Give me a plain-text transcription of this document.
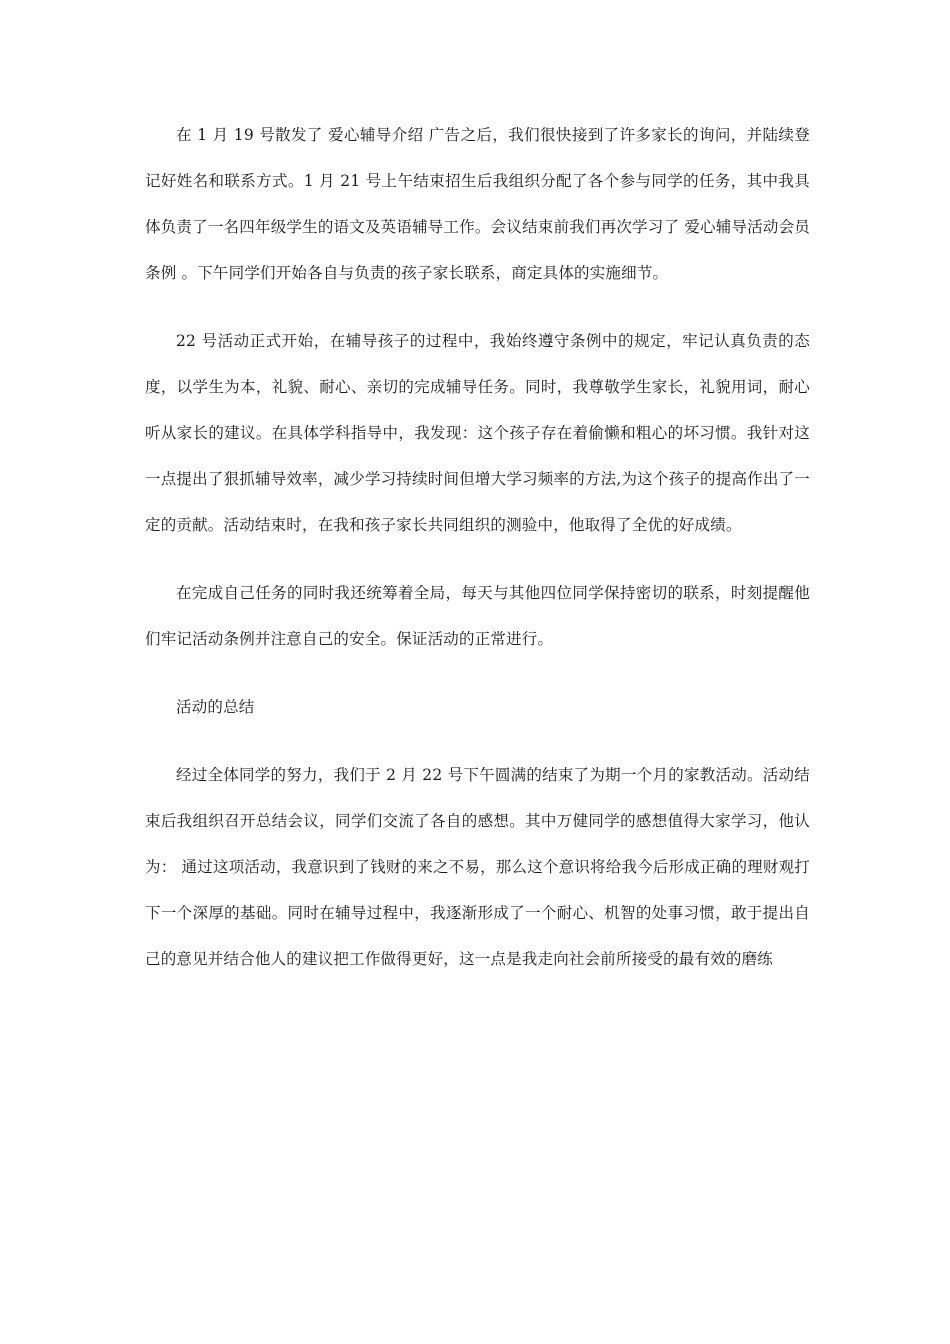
在 1 月 19 号散发了 爱心辅导介绍 广告之后，我们很快接到了许多家长的询问，并陆续登记好姓名和联系方式。1 月 21 号上午结束招生后我组织分配了各个参与同学的任务，其中我具体负责了一名四年级学生的语文及英语辅导工作。会议结束前我们再次学习了 爱心辅导活动会员条例 。下午同学们开始各自与负责的孩子家长联系，商定具体的实施细节。

22 号活动正式开始，在辅导孩子的过程中，我始终遵守条例中的规定，牢记认真负责的态度，以学生为本，礼貌、耐心、亲切的完成辅导任务。同时，我尊敬学生家长，礼貌用词，耐心听从家长的建议。在具体学科指导中，我发现：这个孩子存在着偷懒和粗心的坏习惯。我针对这一点提出了狠抓辅导效率，减少学习持续时间但增大学习频率的方法,为这个孩子的提高作出了一定的贡献。活动结束时，在我和孩子家长共同组织的测验中，他取得了全优的好成绩。

在完成自己任务的同时我还统筹着全局，每天与其他四位同学保持密切的联系，时刻提醒他们牢记活动条例并注意自己的安全。保证活动的正常进行。

活动的总结

经过全体同学的努力，我们于 2 月 22 号下午圆满的结束了为期一个月的家教活动。活动结束后我组织召开总结会议，同学们交流了各自的感想。其中万健同学的感想值得大家学习，他认为： 通过这项活动，我意识到了钱财的来之不易，那么这个意识将给我今后形成正确的理财观打下一个深厚的基础。同时在辅导过程中，我逐渐形成了一个耐心、机智的处事习惯，敢于提出自己的意见并结合他人的建议把工作做得更好，这一点是我走向社会前所接受的最有效的磨练
